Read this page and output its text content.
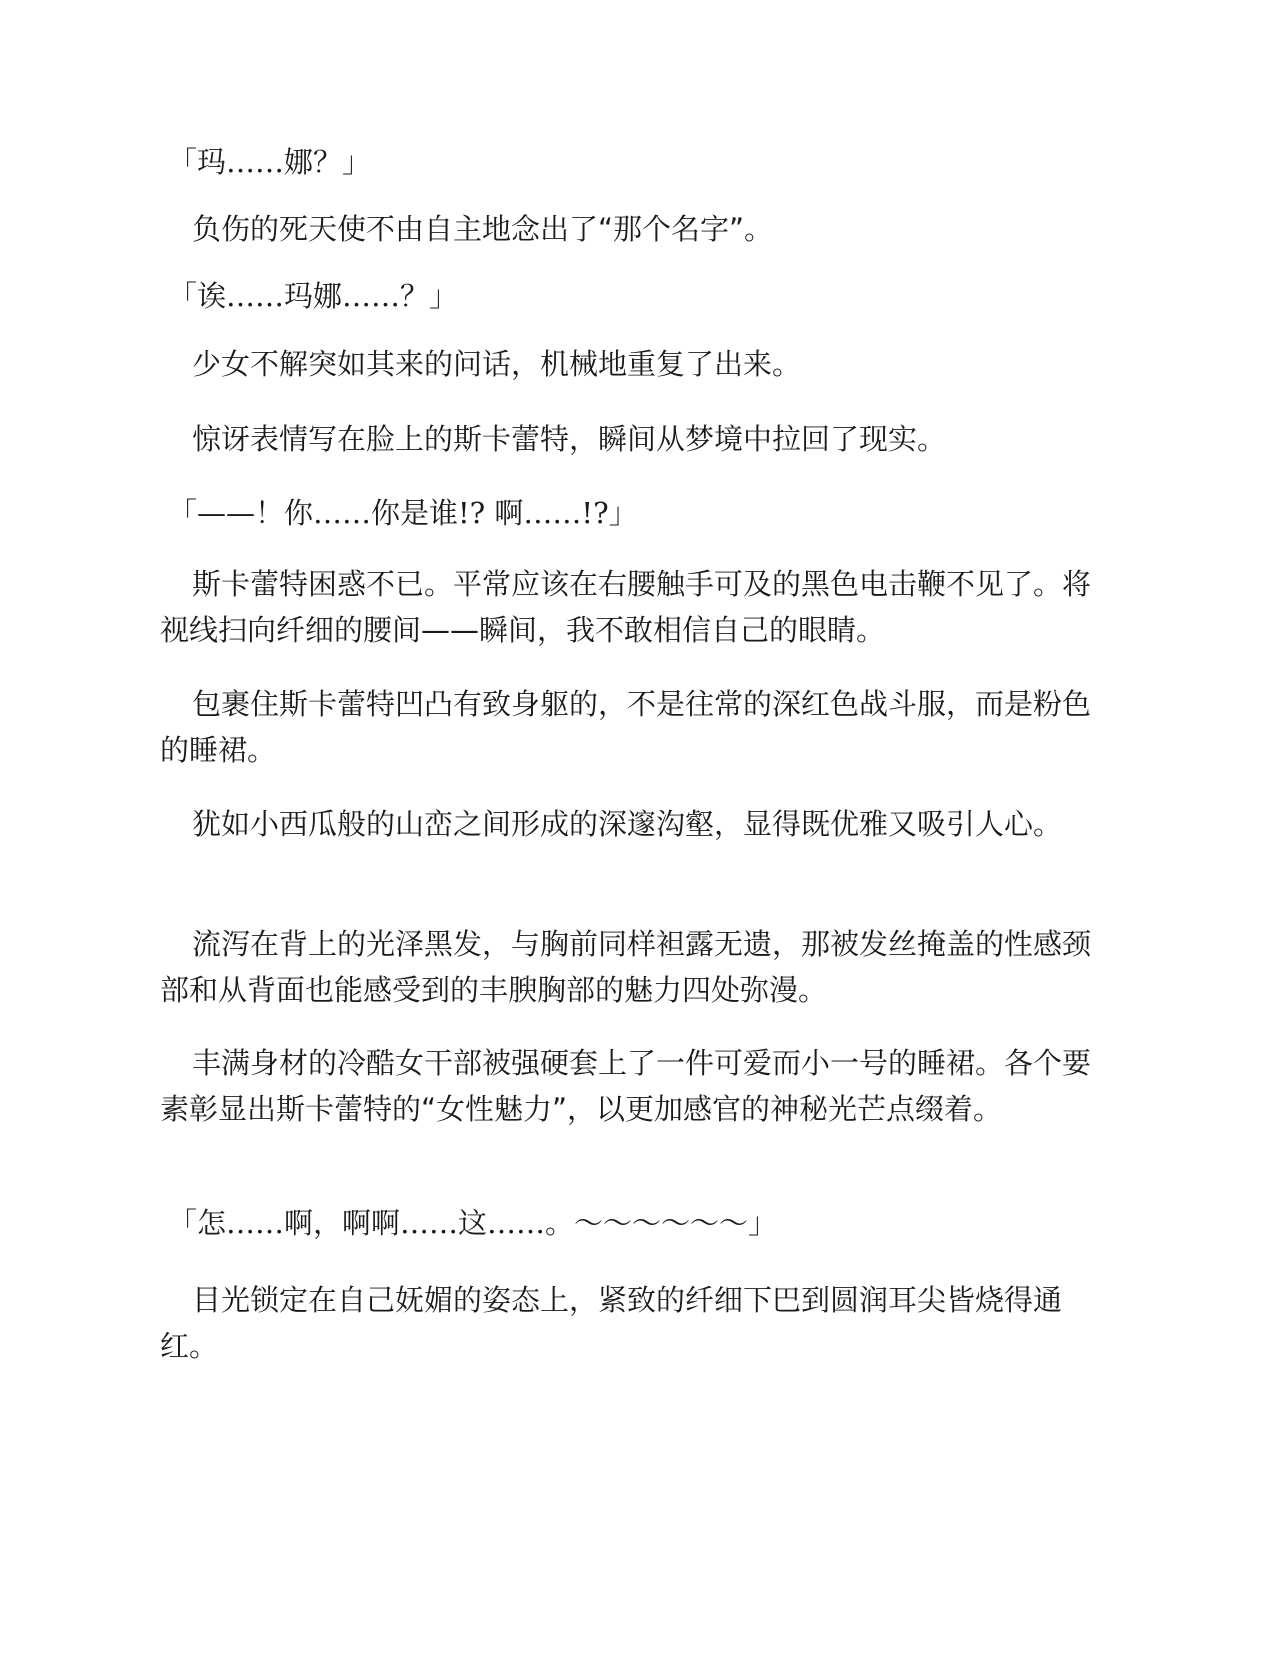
「玛……娜？」

负伤的死天使不由自主地念出了“那个名字”。

「诶……玛娜……？」

少女不解突如其来的问话，机械地重复了出来。

惊讶表情写在脸上的斯卡蕾特，瞬间从梦境中拉回了现实。

「——！你……你是谁!? 啊……!?」

斯卡蕾特困惑不已。平常应该在右腰触手可及的黑色电击鞭不见了。将视线扫向纤细的腰间——瞬间，我不敢相信自己的眼睛。

包裹住斯卡蕾特凹凸有致身躯的，不是往常的深红色战斗服，而是粉色的睡裙。

犹如小西瓜般的山峦之间形成的深邃沟壑，显得既优雅又吸引人心。

流泻在背上的光泽黑发，与胸前同样袒露无遗，那被发丝掩盖的性感颈部和从背面也能感受到的丰腴胸部的魅力四处弥漫。

丰满身材的冷酷女干部被强硬套上了一件可爱而小一号的睡裙。各个要素彰显出斯卡蕾特的“女性魅力”，以更加感官的神秘光芒点缀着。

「怎……啊，啊啊……这……。～～～～～～」

目光锁定在自己妩媚的姿态上，紧致的纤细下巴到圆润耳尖皆烧得通红。
